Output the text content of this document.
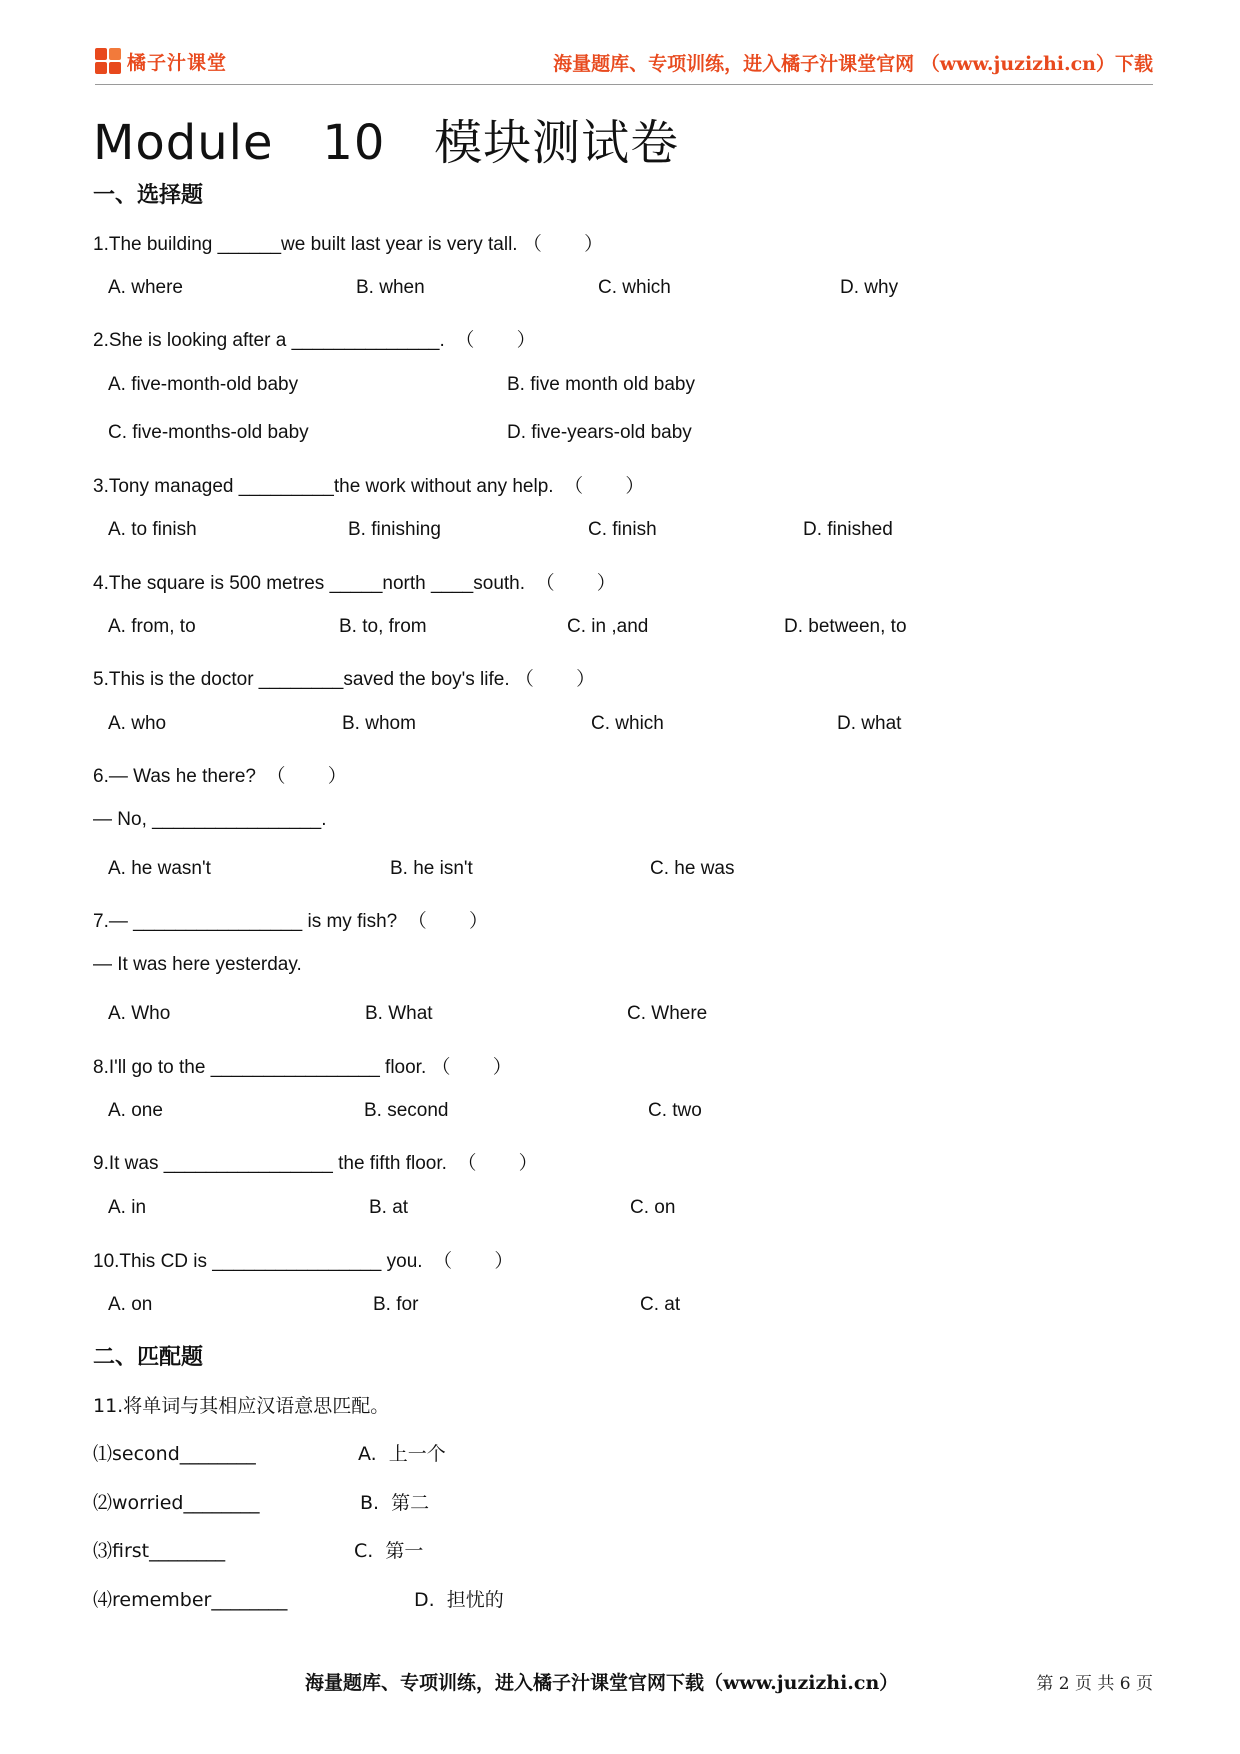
橘子汁课堂	海量题库、专项训练，进入橘子汁课堂官网 （www.juzizhi.cn）下载
Module   10   模块测试卷
一、选择题
1.The building ______we built last year is very tall. （        ）
A. where	B. when	C. which	D. why
2.She is looking after a ______________.  （        ）
A. five-month-old baby	B. five month old baby
C. five-months-old baby	D. five-years-old baby
3.Tony managed _________the work without any help.  （        ）
A. to finish	B. finishing	C. finish	D. finished
4.The square is 500 metres _____north ____south.  （        ）
A. from, to	B. to, from	C. in ,and	D. between, to
5.This is the doctor ________saved the boy's life. （        ）
A. who	B. whom	C. which	D. what
6.— Was he there?  （        ）
— No, ________________.
A. he wasn't	B. he isn't	C. he was
7.— ________________ is my fish?  （        ）
— It was here yesterday.
A. Who	B. What	C. Where
8.I'll go to the ________________ floor. （        ）
A. one	B. second	C. two
9.It was ________________ the fifth floor.  （        ）
A. in	B. at	C. on
10.This CD is ________________ you.  （        ）
A. on	B. for	C. at
二、匹配题
11.将单词与其相应汉语意思匹配。
⑴second________	A.  上一个
⑵worried________	B.  第二
⑶first________	C.  第一
⑷remember________	D.  担忧的
海量题库、专项训练，进入橘子汁课堂官网下载（www.juzizhi.cn）	第 2 页 共 6 页
